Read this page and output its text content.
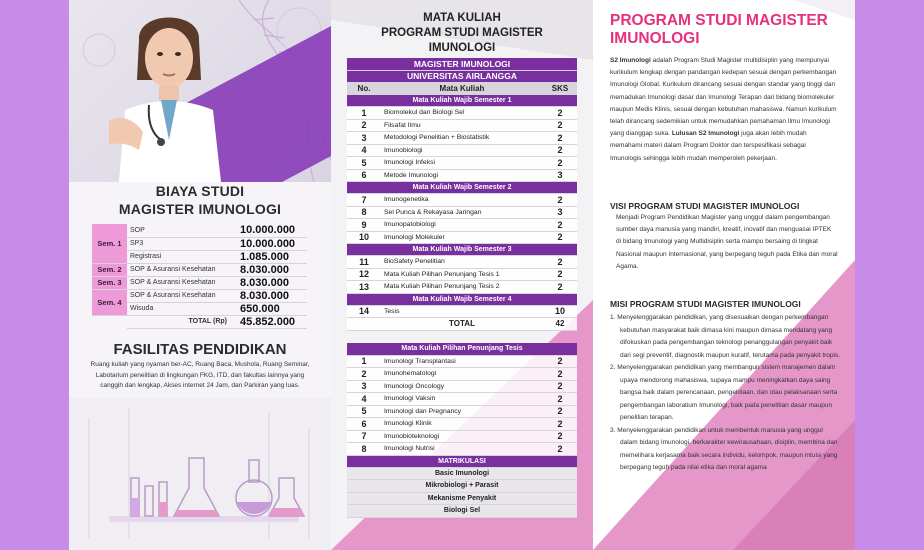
BIAYA STUDI
MAGISTER IMUNOLOGI
Sem. 1	SOP	10.000.000
	SP3	10.000.000
	Registrasi	1.085.000
Sem. 2	SOP & Asuransi Kesehatan	8.030.000
Sem. 3	SOP & Asuransi Kesehatan	8.030.000
Sem. 4	SOP & Asuransi Kesehatan	8.030.000
	Wisuda	650.000
	TOTAL (Rp)	45.852.000
FASILITAS PENDIDIKAN
Ruang kuliah yang nyaman ber-AC, Ruang Baca, Mushola, Ruang Seminar, Labotarium penelitian di lingkungan FKG, ITD, dan fakultas lainnya yang canggih dan lengkap, Akses internet 24 Jam, dan Parkiran yang luas.
MATA KULIAH
PROGRAM STUDI MAGISTER
IMUNOLOGI
MAGISTER IMUNOLOGI		
UNIVERSITAS AIRLANGGA		
No.	Mata Kuliah	SKS
Mata Kuliah Wajib Semester 1		
1	Biomolekul dan Biologi Sel	2
2	Filsafat Ilmu	2
3	Metodologi Penelitian + Biostatistik	2
4	Imunobiologi	2
5	Imunologi Infeksi	2
6	Metode Imunologi	3
Mata Kuliah Wajib Semester 2		
7	Imunogenetika	2
8	Sel Punca & Rekayasa Jaringan	3
9	Imunopatobiologi	2
10	Imunologi Molekuler	2
Mata Kuliah Wajib Semester 3		
11	BioSafety Penelitian	2
12	Mata Kuliah Pilihan Penunjang Tesis 1	2
13	Mata Kuliah Pilihan Penunjang Tesis 2	2
Mata Kuliah Wajib Semester 4		
14	Tesis	10
	TOTAL	42
Mata Kuliah Pilihan Penunjang Tesis		
1	Imunologi Transplantasi	2
2	Imunohematologi	2
3	Imunologi Oncology	2
4	Imunologi Vaksin	2
5	Imunologi dan Pregnancy	2
6	Imunologi Klinik	2
7	Imunobioteknologi	2
8	Imunologi Nutrisi	2
MATRIKULASI		
Basic Imunologi		
Mikrobiologi + Parasit		
Mekanisme Penyakit		
Biologi Sel		
PROGRAM STUDI MAGISTER
IMUNOLOGI
S2 Imunologi adalah Program Studi Magister multidisiplin yang mempunyai kurikulum lengkap dengan pandangan kedepan sesuai dengan perkembangan Imunologi Global. Kurikulum dirancang sesuai dengan standar yang tinggi dan memadukan Imunologi dasar dan Imunologi Terapan dari bidang biomolekuler maupun Medis Klinis, sesuai dengan kebutuhan mahasiswa. Namun kurikulum telah dirancang sedemikian untuk memudahkan pemahaman Ilmu Imunologi yang dianggap suka. Lulusan S2 Imunologi juga akan lebih mudah memahami materi dalam Program Doktor dan terspesifikasi sebagai Imunologis sehingga lebih mudah memperoleh pekerjaan.
VISI PROGRAM STUDI MAGISTER IMUNOLOGI
Menjadi Program Pendidikan Magister yang unggul dalam pengembangan sumber daya manusia yang mandiri, kreatif, inovatif dan menguasai IPTEK di bidang Imunologi yang Multidisiplin serta mampu bersaing di tingkat Nasional maupun Internasional, yang berpegang teguh pada Etika dan moral Agama.
MISI PROGRAM STUDI MAGISTER IMUNOLOGI
1. Menyelenggarakan pendidikan, yang disesuaikan dengan perkembangan kebutuhan masyarakat baik dimasa kini maupun dimasa mendatang yang difokuskan pada pengembangan teknologi penanggulangan penyakit baik dari segi preventif, diagnostik maupun kuratif, terutama pada penyakit tropis.
2. Menyelenggarakan pendidikan yang membangun sistem manajemen dalam upaya mendorong mahasiswa, supaya mampu meningkatkan daya saing bangsa baik dalam perencanaan, pengelolaan, dan otau pelaksanaan serta pengembangan laboratium Imunologi, baik pada penelitian dasar maupun penelitian terapan.
3. Menyelenggarakan pendidikan untuk membentuk manusia yang unggul dalam bidang Imunologi, berkarakter kewirausahaan, disiplin, membina dan memelihara kerjasama baik secara individu, kelompok, maupun intuisi yang berpegang teguh pada nilai etika dan moral agama
